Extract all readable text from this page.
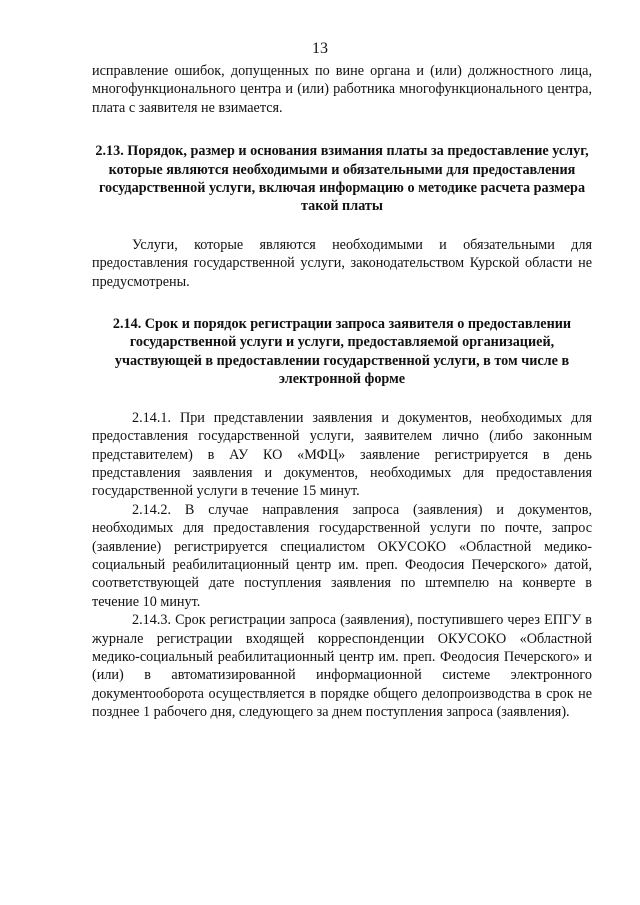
13

исправление ошибок, допущенных по вине органа и (или) должностного лица, многофункционального центра и (или) работника многофункционального центра, плата с заявителя не взимается.

2.13. Порядок, размер и основания взимания платы за предоставление услуг, которые являются необходимыми и обязательными для предоставления государственной услуги, включая информацию о методике расчета размера такой платы

Услуги, которые являются необходимыми и обязательными для предоставления государственной услуги, законодательством Курской области не предусмотрены.

2.14. Срок и порядок регистрации запроса заявителя о предоставлении государственной услуги и услуги, предоставляемой организацией, участвующей в предоставлении государственной услуги, в том числе в электронной форме

2.14.1. При представлении заявления и документов, необходимых для предоставления государственной услуги, заявителем лично (либо законным представителем) в АУ КО «МФЦ» заявление регистрируется в день представления заявления и документов, необходимых для предоставления государственной услуги в течение 15 минут.

2.14.2. В случае направления запроса (заявления) и документов, необходимых для предоставления государственной услуги по почте, запрос (заявление) регистрируется специалистом ОКУСОКО «Областной медико-социальный реабилитационный центр им. преп. Феодосия Печерского» датой, соответствующей дате поступления заявления по штемпелю на конверте в течение 10 минут.

2.14.3. Срок регистрации запроса (заявления), поступившего через ЕПГУ в журнале регистрации входящей корреспонденции ОКУСОКО «Областной медико-социальный реабилитационный центр им. преп. Феодосия Печерского» и (или) в автоматизированной информационной системе электронного документооборота осуществляется в порядке общего делопроизводства в срок не позднее 1 рабочего дня, следующего за днем поступления запроса (заявления).
